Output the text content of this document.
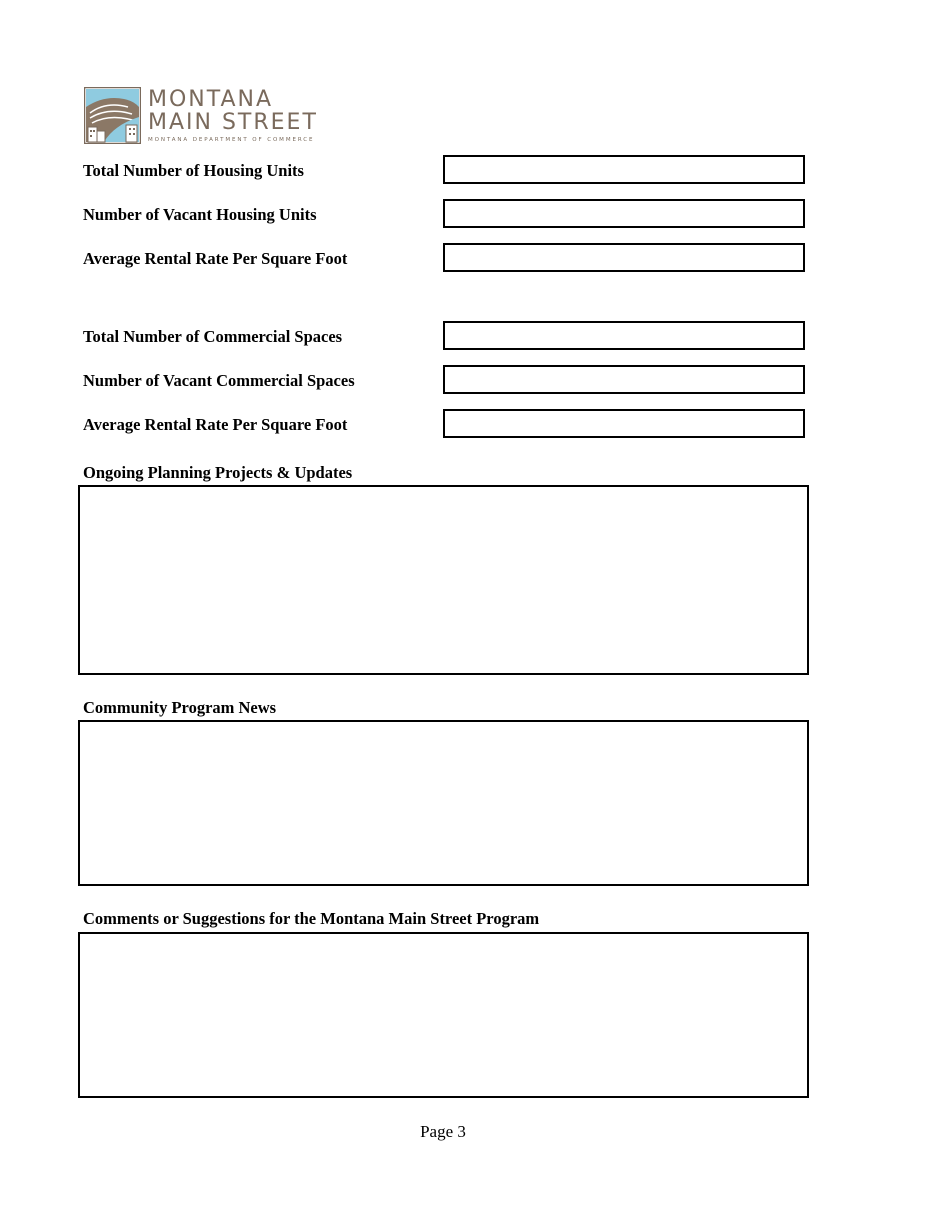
MONTANA
MAIN STREET
MONTANA DEPARTMENT OF COMMERCE
Total Number of Housing Units
Number of Vacant Housing Units
Average Rental Rate Per Square Foot
Total Number of Commercial Spaces
Number of Vacant Commercial Spaces
Average Rental Rate Per Square Foot
Ongoing Planning Projects & Updates
Community Program News
Comments or Suggestions for the Montana Main Street Program
Page 3
